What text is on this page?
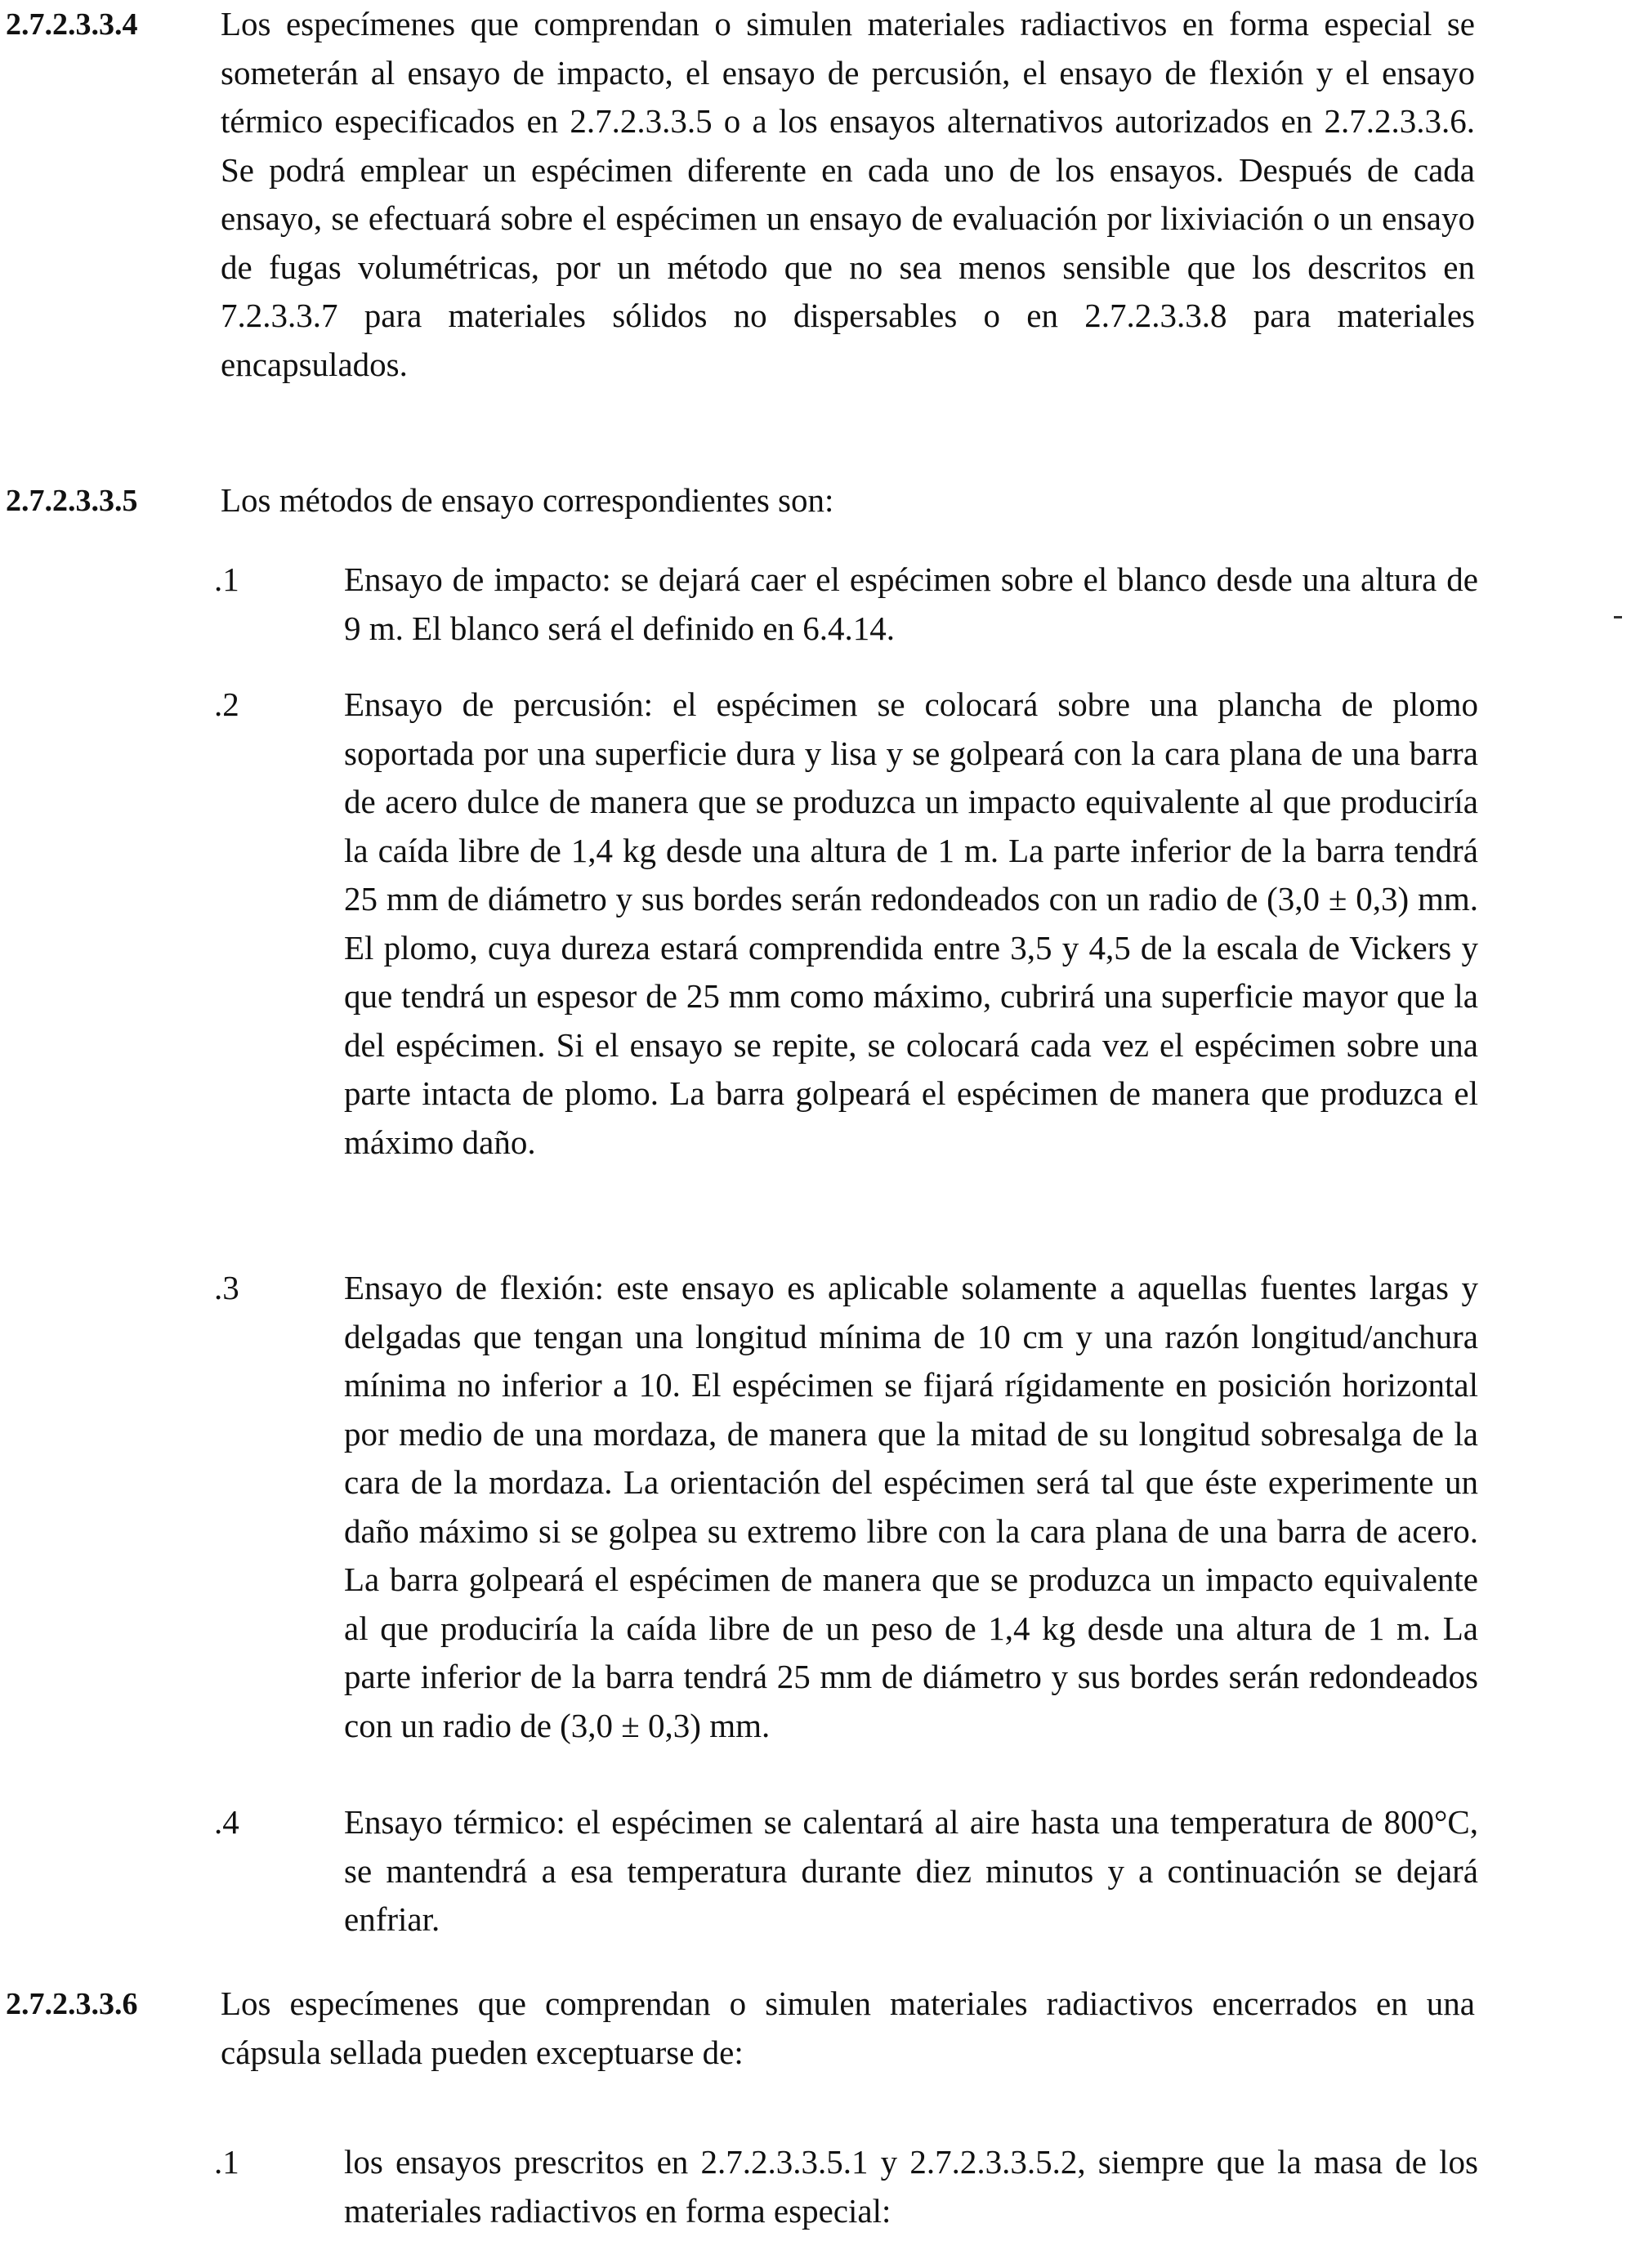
2.7.2.3.3.4 Los especímenes que comprendan o simulen materiales radiactivos en forma especial se someterán al ensayo de impacto, el ensayo de percusión, el ensayo de flexión y el ensayo térmico especificados en 2.7.2.3.3.5 o a los ensayos alternativos autorizados en 2.7.2.3.3.6. Se podrá emplear un espécimen diferente en cada uno de los ensayos. Después de cada ensayo, se efectuará sobre el espécimen un ensayo de evaluación por lixiviación o un ensayo de fugas volumétricas, por un método que no sea menos sensible que los descritos en 7.2.3.3.7 para materiales sólidos no dispersables o en 2.7.2.3.3.8 para materiales encapsulados.
2.7.2.3.3.5 Los métodos de ensayo correspondientes son:
.1	Ensayo de impacto: se dejará caer el espécimen sobre el blanco desde una altura de 9 m. El blanco será el definido en 6.4.14.
.2	Ensayo de percusión: el espécimen se colocará sobre una plancha de plomo soportada por una superficie dura y lisa y se golpeará con la cara plana de una barra de acero dulce de manera que se produzca un impacto equivalente al que produciría la caída libre de 1,4 kg desde una altura de 1 m. La parte inferior de la barra tendrá 25 mm de diámetro y sus bordes serán redondeados con un radio de (3,0 ± 0,3) mm. El plomo, cuya dureza estará comprendida entre 3,5 y 4,5 de la escala de Vickers y que tendrá un espesor de 25 mm como máximo, cubrirá una superficie mayor que la del espécimen. Si el ensayo se repite, se colocará cada vez el espécimen sobre una parte intacta de plomo. La barra golpeará el espécimen de manera que produzca el máximo daño.
.3	Ensayo de flexión: este ensayo es aplicable solamente a aquellas fuentes largas y delgadas que tengan una longitud mínima de 10 cm y una razón longitud/anchura mínima no inferior a 10. El espécimen se fijará rígidamente en posición horizontal por medio de una mordaza, de manera que la mitad de su longitud sobresalga de la cara de la mordaza. La orientación del espécimen será tal que éste experimente un daño máximo si se golpea su extremo libre con la cara plana de una barra de acero. La barra golpeará el espécimen de manera que se produzca un impacto equivalente al que produciría la caída libre de un peso de 1,4 kg desde una altura de 1 m. La parte inferior de la barra tendrá 25 mm de diámetro y sus bordes serán redondeados con un radio de (3,0 ± 0,3) mm.
.4	Ensayo térmico: el espécimen se calentará al aire hasta una temperatura de 800°C, se mantendrá a esa temperatura durante diez minutos y a continuación se dejará enfriar.
2.7.2.3.3.6 Los especímenes que comprendan o simulen materiales radiactivos encerrados en una cápsula sellada pueden exceptuarse de:
.1	los ensayos prescritos en 2.7.2.3.3.5.1 y 2.7.2.3.3.5.2, siempre que la masa de los materiales radiactivos en forma especial:
